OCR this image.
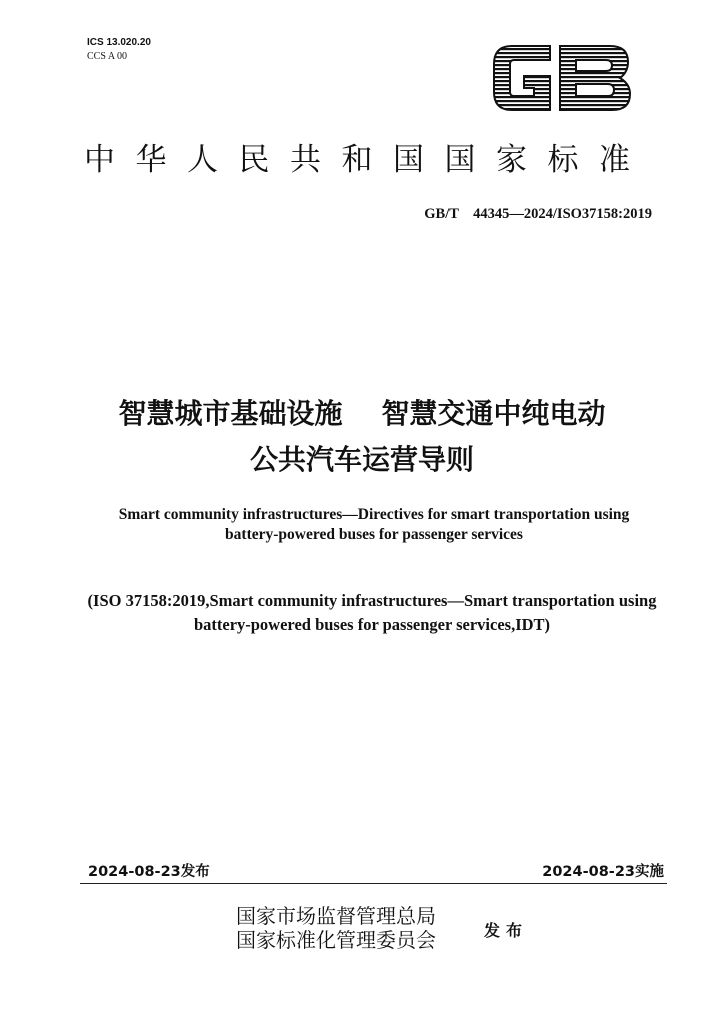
ICS 13.020.20
CCS A 00
中华人民共和国国家标准
GB/T    44345—2024/ISO37158:2019
智慧城市基础设施    智慧交通中纯电动
公共汽车运营导则
Smart community infrastructures—Directives for smart transportation using
battery-powered buses for passenger services
(ISO 37158:2019,Smart community infrastructures—Smart transportation using
battery-powered buses for passenger services,IDT)
2024-08-23发布	2024-08-23实施
国家市场监督管理总局
国家标准化管理委员会	发布
